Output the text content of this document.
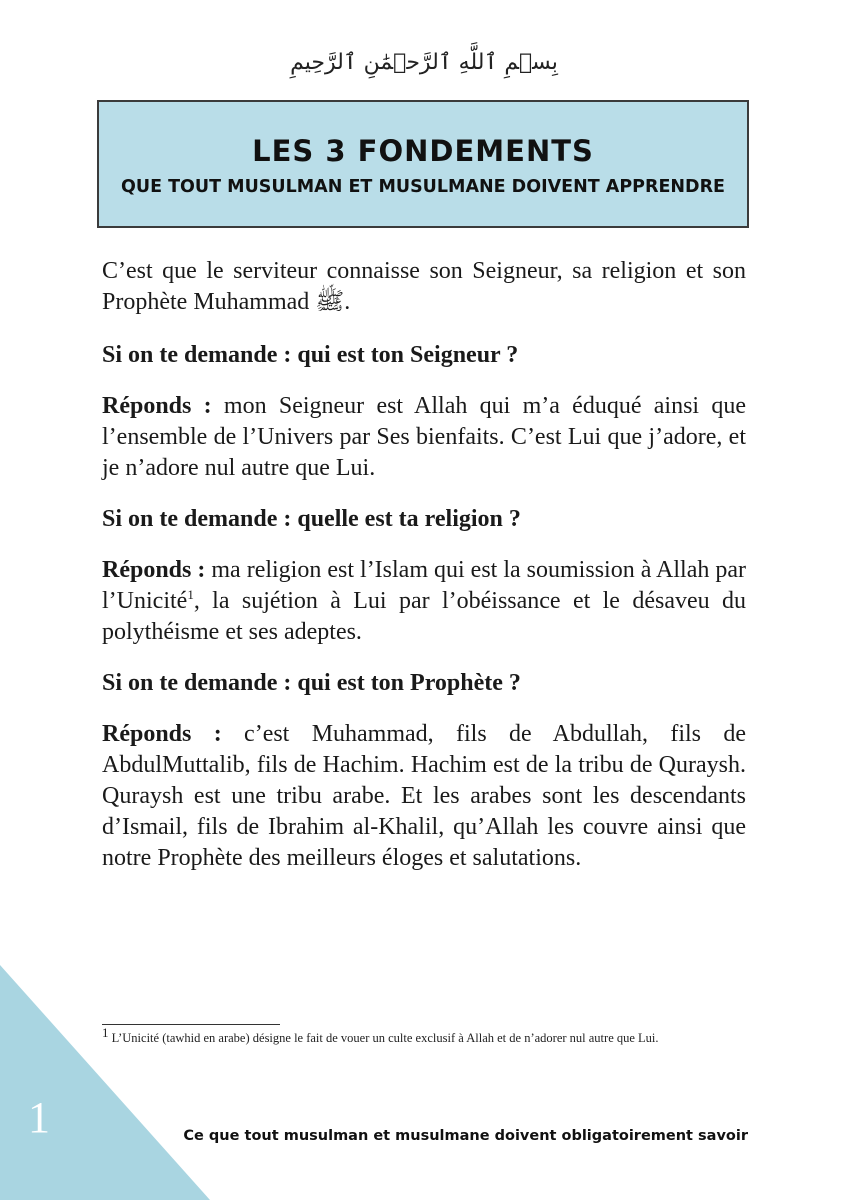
بِسۡمِ ٱللَّهِ ٱلرَّحۡمَٰنِ ٱلرَّحِيمِ
LES 3 FONDEMENTS
QUE TOUT MUSULMAN ET MUSULMANE DOIVENT APPRENDRE

C’est que le serviteur connaisse son Seigneur, sa religion et son Prophète Muhammad ﷺ.

Si on te demande : qui est ton Seigneur ?

Réponds : mon Seigneur est Allah qui m’a éduqué ainsi que l’ensemble de l’Univers par Ses bienfaits. C’est Lui que j’adore, et je n’adore nul autre que Lui.

Si on te demande : quelle est ta religion ?

Réponds : ma religion est l’Islam qui est la soumission à Allah par l’Unicité$^1$, la sujétion à Lui par l’obéissance et le désaveu du polythéisme et ses adeptes.

Si on te demande : qui est ton Prophète ?

Réponds : c’est Muhammad, fils de Abdullah, fils de AbdulMuttalib, fils de Hachim. Hachim est de la tribu de Quraysh. Quraysh est une tribu arabe. Et les arabes sont les descendants d’Ismail, fils de Ibrahim al-Khalil, qu’Allah les couvre ainsi que notre Prophète des meilleurs éloges et salutations.

$^1$ L’Unicité (tawhid en arabe) désigne le fait de vouer un culte exclusif à Allah et de n’adorer nul autre que Lui.
1	Ce que tout musulman et musulmane doivent obligatoirement savoir
